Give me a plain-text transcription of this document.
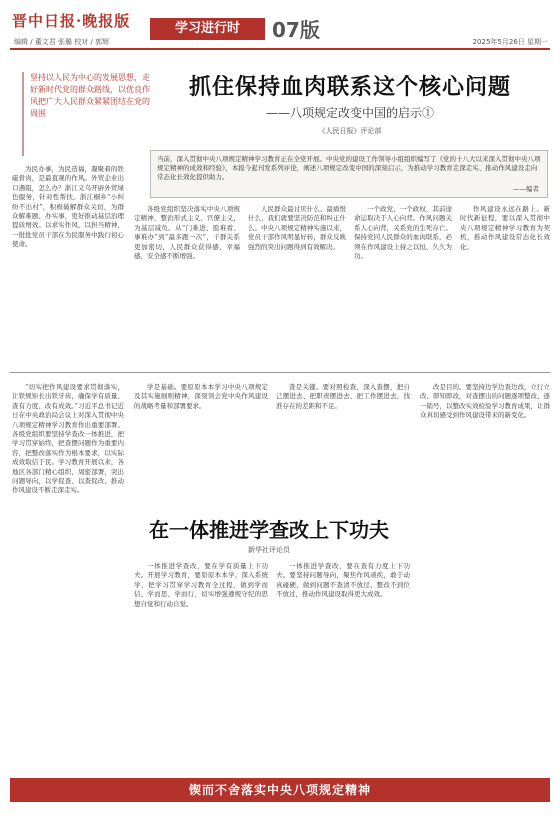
晋中日报·晚报版
编辑 / 董文君 张璐 校对 / 郭辉
学习进行时	07版	2025年5月26日 星期一

坚持以人民为中心的发展思想，走好新时代党的群众路线，以优良作风把广大人民群众紧紧团结在党的周围

抓住保持血肉联系这个核心问题
——八项规定改变中国的启示①
《人民日报》评论部

当前，深入贯彻中央八项规定精神学习教育正在全党开展。中央党的建设工作领导小组组织编写了《党的十八大以来深入贯彻中央八项规定精神的成效和经验》，本报今起刊发系列评论，阐述八项规定改变中国的深刻启示，为推动学习教育走深走实、推动作风建设走向常态化长效化提供助力。

——编者

为民办事，为民造福，凝聚着的铁磁骨肉，是最直观的作风。外贸企业出口遇阻，怎么办？浙江义乌开辟外贸绿色服务，针对性帮扶。浙江桐乡“小纠纷不出村”，积极破解群众关切，为群众解难题、办实事，更好推动基层治理提质增效。以求实作风，以担当精神，一批批党员干部在为民服务中践行初心使命。

各级党组织坚决落实中央八项规定精神，整治形式主义、官僚主义，为基层减负。从“门难进、脸难看、事难办”到“最多跑一次”，干群关系更加密切，人民群众获得感、幸福感、安全感不断增强。

人民群众最讨厌什么、最痛恨什么，我们就要坚决防范和纠正什么。中央八项规定精神实施以来，党员干部作风明显好转，群众反映强烈的突出问题得到有效解决。

一个政党、一个政权，其前途命运取决于人心向背。作风问题关系人心向背，关系党的生死存亡。保持党同人民群众的血肉联系，必须在作风建设上持之以恒、久久为功。

作风建设永远在路上。新时代新征程，要以深入贯彻中央八项规定精神学习教育为契机，推动作风建设常态化长效化。

“切实把作风建设要求贯彻落实，让铁规矩长出铁牙齿，确保学有质量、查有力度、改有成效。”习近平总书记近日在中央政治局会议上对深入贯彻中央八项规定精神学习教育作出重要部署。各级党组织要坚持学查改一体推进，把学习贯穿始终，把查摆问题作为重要内容，把整改落实作为根本要求，以实际成效取信于民。学习教育开展以来，各地区各部门精心组织、周密部署，突出问题导向，以学促查、以查促改，推动作风建设不断走深走实。

学是基础。要原原本本学习中央八项规定及其实施细则精神，深刻领会党中央作风建设的战略考量和部署要求。

查是关键。要对照检查、深入查摆，把自己摆进去、把职责摆进去、把工作摆进去，找准存在的差距和不足。

改是目的。要坚持边学边查边改，立行立改、即知即改，对查摆出的问题逐项整改、逐一销号，以整改实效检验学习教育成果，让群众真切感受到作风建设带来的新变化。

在一体推进学查改上下功夫
新华社评论员

一体推进学查改，要在学有质量上下功夫。开展学习教育，要原原本本学、深入系统学，把学习贯穿学习教育全过程，做到学而信、学而思、学而行，切实增强遵规守纪的思想自觉和行动自觉。

一体推进学查改，要在查有力度上下功夫。要坚持问题导向，聚焦作风顽疾，敢于动真碰硬，做到问题不查清不放过、整改不到位不放过，推动作风建设取得更大成效。

锲而不舍落实中央八项规定精神
